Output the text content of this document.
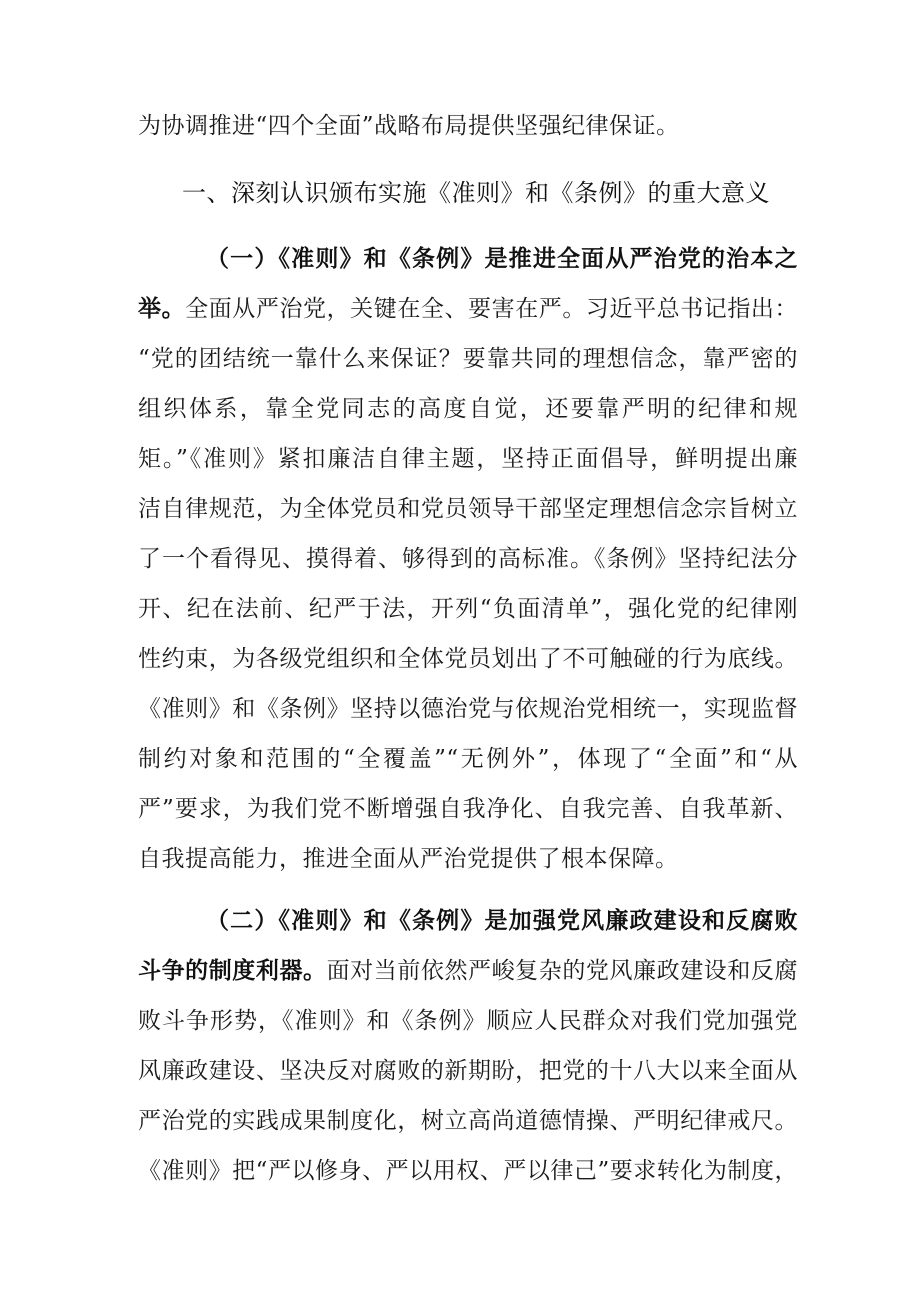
为协调推进“四个全面”战略布局提供坚强纪律保证。
一、深刻认识颁布实施《准则》和《条例》的重大意义
（一）《准则》和《条例》是推进全面从严治党的治本之
举。全面从严治党，关键在全、要害在严。习近平总书记指出：
“党的团结统一靠什么来保证？要靠共同的理想信念，靠严密的
组织体系，靠全党同志的高度自觉，还要靠严明的纪律和规
矩。”《准则》紧扣廉洁自律主题，坚持正面倡导，鲜明提出廉
洁自律规范，为全体党员和党员领导干部坚定理想信念宗旨树立
了一个看得见、摸得着、够得到的高标准。《条例》坚持纪法分
开、纪在法前、纪严于法，开列“负面清单”，强化党的纪律刚
性约束，为各级党组织和全体党员划出了不可触碰的行为底线。
《准则》和《条例》坚持以德治党与依规治党相统一，实现监督
制约对象和范围的“全覆盖”“无例外”，体现了“全面”和“从
严”要求，为我们党不断增强自我净化、自我完善、自我革新、
自我提高能力，推进全面从严治党提供了根本保障。
（二）《准则》和《条例》是加强党风廉政建设和反腐败
斗争的制度利器。面对当前依然严峻复杂的党风廉政建设和反腐
败斗争形势，《准则》和《条例》顺应人民群众对我们党加强党
风廉政建设、坚决反对腐败的新期盼，把党的十八大以来全面从
严治党的实践成果制度化，树立高尚道德情操、严明纪律戒尺。
《准则》把“严以修身、严以用权、严以律己”要求转化为制度，
